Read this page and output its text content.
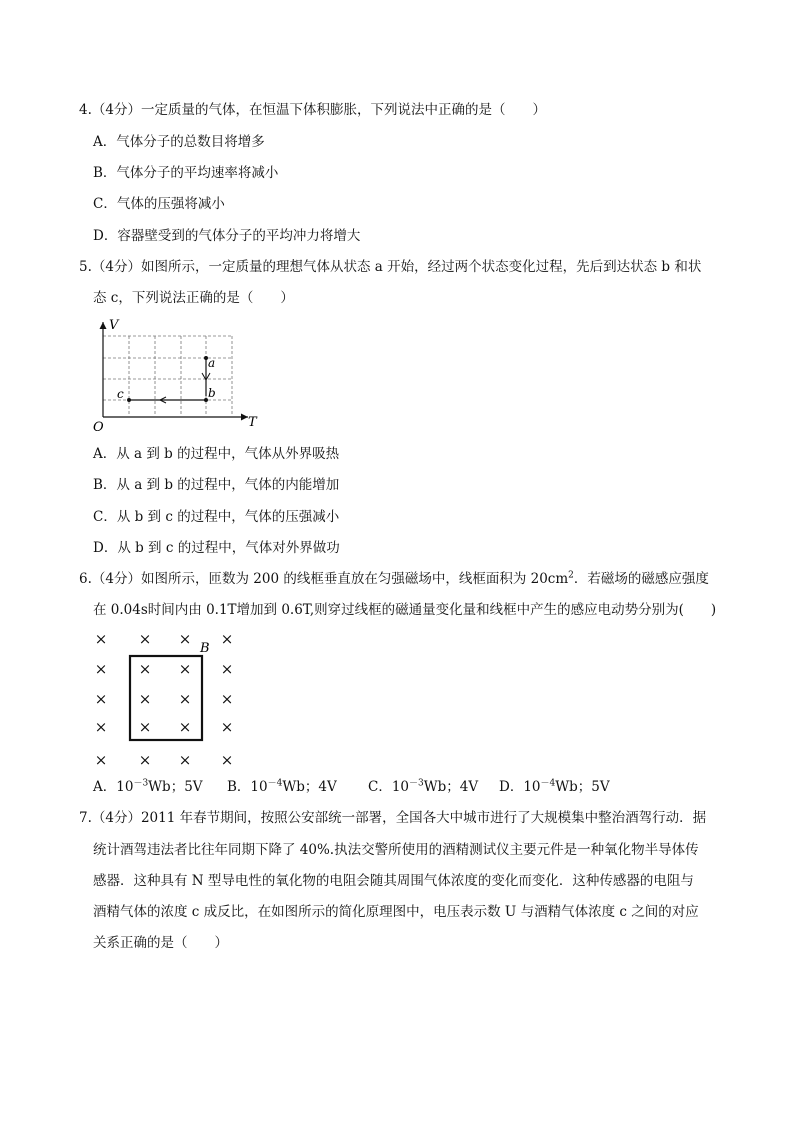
4.（4分）一定质量的气体，在恒温下体积膨胀，下列说法中正确的是（　　）
A．气体分子的总数目将增多
B．气体分子的平均速率将减小
C．气体的压强将减小
D．容器壁受到的气体分子的平均冲力将增大
5.（4分）如图所示，一定质量的理想气体从状态 a 开始，经过两个状态变化过程，先后到达状态 b 和状
态 c，下列说法正确的是（　　）
V
T
O
a
b
c
A．从 a 到 b 的过程中，气体从外界吸热
B．从 a 到 b 的过程中，气体的内能增加
C．从 b 到 c 的过程中，气体的压强减小
D．从 b 到 c 的过程中，气体对外界做功
6.（4分）如图所示，匝数为 200 的线框垂直放在匀强磁场中，线框面积为 $20cm^2$．若磁场的磁感应强度
在 0.04s时间内由 0.1T增加到 0.6T,则穿过线框的磁通量变化量和线框中产生的感应电动势分别为(　　)
B
× × × ×
× × × ×
× × × ×
× × × ×
× × × ×
A．$10^{-3}Wb$；5V B．$10^{-4}Wb$；4V C．$10^{-3}Wb$；4V D．$10^{-4}Wb$；5V
7.（4分）2011 年春节期间，按照公安部统一部署，全国各大中城市进行了大规模集中整治酒驾行动．据
统计酒驾违法者比往年同期下降了 40%.执法交警所使用的酒精测试仪主要元件是一种氧化物半导体传
感器．这种具有 N 型导电性的氧化物的电阻会随其周围气体浓度的变化而变化．这种传感器的电阻与
酒精气体的浓度 c 成反比，在如图所示的简化原理图中，电压表示数 U 与酒精气体浓度 c 之间的对应
关系正确的是（　　）
